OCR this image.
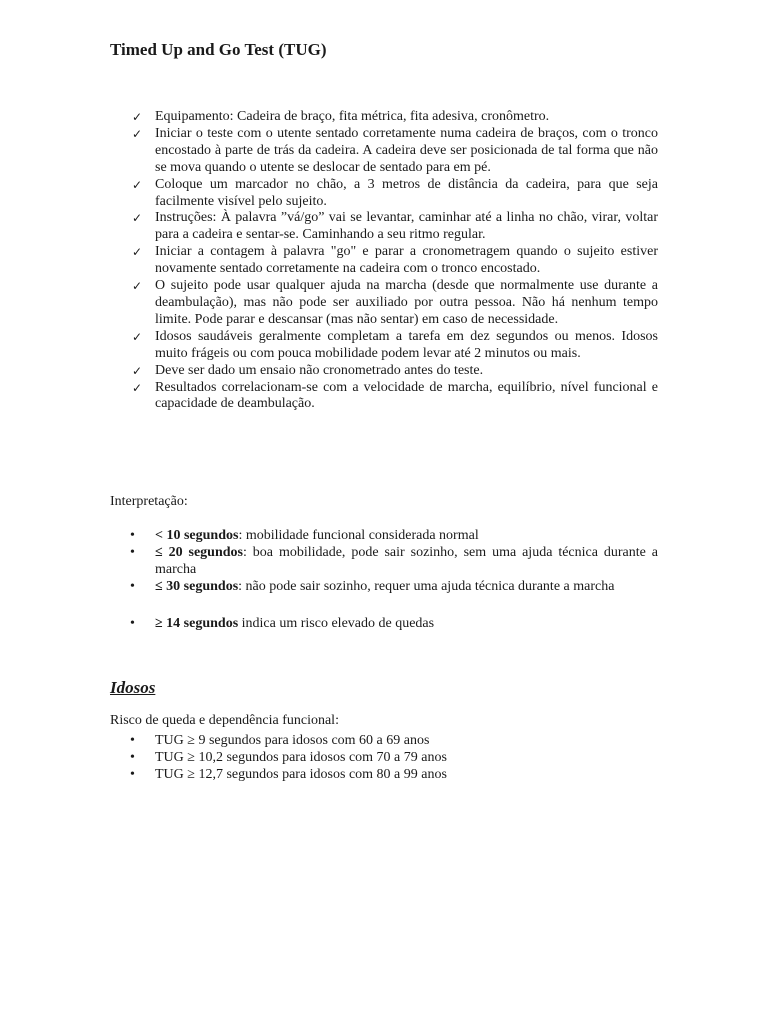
Timed Up and Go Test (TUG)
✓ Equipamento: Cadeira de braço, fita métrica, fita adesiva, cronômetro.
✓ Iniciar o teste com o utente sentado corretamente numa cadeira de braços, com o tronco encostado à parte de trás da cadeira. A cadeira deve ser posicionada de tal forma que não se mova quando o utente se deslocar de sentado para em pé.
✓ Coloque um marcador no chão, a 3 metros de distância da cadeira, para que seja facilmente visível pelo sujeito.
✓ Instruções: À palavra ”vá/go” vai se levantar, caminhar até a linha no chão, virar, voltar para a cadeira e sentar-se. Caminhando a seu ritmo regular.
✓ Iniciar a contagem à palavra "go" e parar a cronometragem quando o sujeito estiver novamente sentado corretamente na cadeira com o tronco encostado.
✓ O sujeito pode usar qualquer ajuda na marcha (desde que normalmente use durante a deambulação), mas não pode ser auxiliado por outra pessoa. Não há nenhum tempo limite. Pode parar e descansar (mas não sentar) em caso de necessidade.
✓ Idosos saudáveis geralmente completam a tarefa em dez segundos ou menos. Idosos muito frágeis ou com pouca mobilidade podem levar até 2 minutos ou mais.
✓ Deve ser dado um ensaio não cronometrado antes do teste.
✓ Resultados correlacionam-se com a velocidade de marcha, equilíbrio, nível funcional e capacidade de deambulação.

Interpretação:

• < 10 segundos: mobilidade funcional considerada normal
• ≤ 20 segundos: boa mobilidade, pode sair sozinho, sem uma ajuda técnica durante a marcha
• ≤ 30 segundos: não pode sair sozinho, requer uma ajuda técnica durante a marcha
• ≥ 14 segundos indica um risco elevado de quedas
Idosos

Risco de queda e dependência funcional:

• TUG ≥ 9 segundos para idosos com 60 a 69 anos
• TUG ≥ 10,2 segundos para idosos com 70 a 79 anos
• TUG ≥ 12,7 segundos para idosos com 80 a 99 anos
